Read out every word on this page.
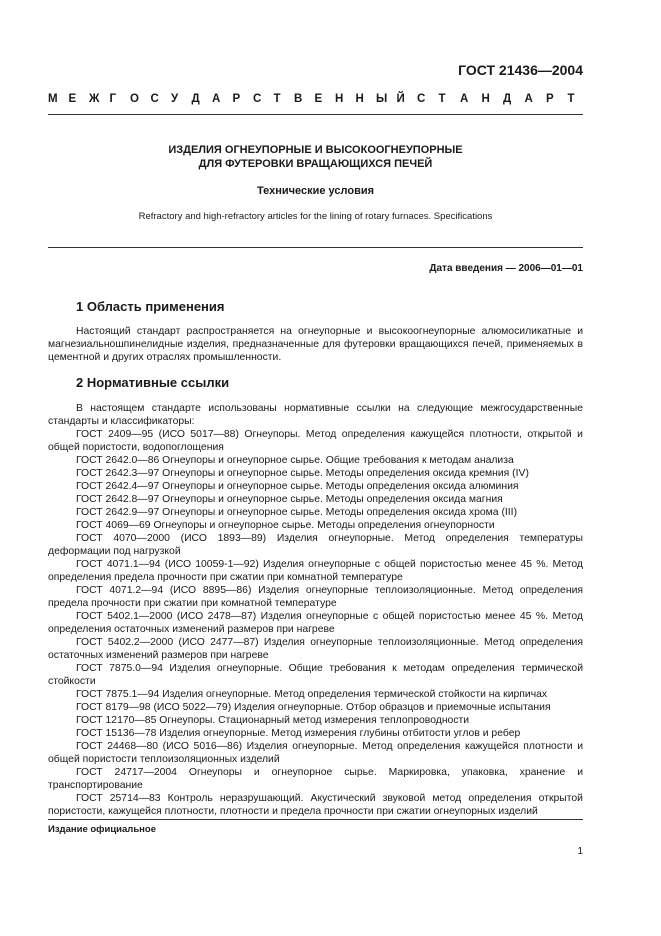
ГОСТ 21436—2004
М Е	Ж Г	О	С	У	Д	А	Р	С	Т	В	Е	Н	Н	Ы Й	С	Т	А	Н	Д	А	Р	Т
ИЗДЕЛИЯ ОГНЕУПОРНЫЕ И ВЫСОКООГНЕУПОРНЫЕ
ДЛЯ ФУТЕРОВКИ ВРАЩАЮЩИХСЯ ПЕЧЕЙ
Технические условия
Refractory and high-refractory articles for the lining of rotary furnaces. Specifications
Дата введения — 2006—01—01
1 Область применения

Настоящий стандарт распространяется на огнеупорные и высокоогнеупорные алюмосиликатные и магнезиальношпинелидные изделия, предназначенные для футеровки вращающихся печей, применяемых в цементной и других отраслях промышленности.

2 Нормативные ссылки

В настоящем стандарте использованы нормативные ссылки на следующие межгосударственные стандарты и классификаторы:

ГОСТ 2409—95 (ИСО 5017—88) Огнеупоры. Метод определения кажущейся плотности, открытой и общей пористости, водопоглощения

ГОСТ 2642.0—86 Огнеупоры и огнеупорное сырье. Общие требования к методам анализа

ГОСТ 2642.3—97 Огнеупоры и огнеупорное сырье. Методы определения оксида кремния (IV)

ГОСТ 2642.4—97 Огнеупоры и огнеупорное сырье. Методы определения оксида алюминия

ГОСТ 2642.8—97 Огнеупоры и огнеупорное сырье. Методы определения оксида магния

ГОСТ 2642.9—97 Огнеупоры и огнеупорное сырье. Методы определения оксида хрома (III)

ГОСТ 4069—69 Огнеупоры и огнеупорное сырье. Методы определения огнеупорности

ГОСТ 4070—2000 (ИСО 1893—89) Изделия огнеупорные. Метод определения температуры деформации под нагрузкой

ГОСТ 4071.1—94 (ИСО 10059-1—92) Изделия огнеупорные с общей пористостью менее 45 %. Метод определения предела прочности при сжатии при комнатной температуре

ГОСТ 4071.2—94 (ИСО 8895—86) Изделия огнеупорные теплоизоляционные. Метод определения предела прочности при сжатии при комнатной температуре

ГОСТ 5402.1—2000 (ИСО 2478—87) Изделия огнеупорные с общей пористостью менее 45 %. Метод определения остаточных изменений размеров при нагреве

ГОСТ 5402.2—2000 (ИСО 2477—87) Изделия огнеупорные теплоизоляционные. Метод определения остаточных изменений размеров при нагреве

ГОСТ 7875.0—94 Изделия огнеупорные. Общие требования к методам определения термической стойкости

ГОСТ 7875.1—94 Изделия огнеупорные. Метод определения термической стойкости на кирпичах

ГОСТ 8179—98 (ИСО 5022—79) Изделия огнеупорные. Отбор образцов и приемочные испытания

ГОСТ 12170—85 Огнеупоры. Стационарный метод измерения теплопроводности

ГОСТ 15136—78 Изделия огнеупорные. Метод измерения глубины отбитости углов и ребер

ГОСТ 24468—80 (ИСО 5016—86) Изделия огнеупорные. Метод определения кажущейся плотности и общей пористости теплоизоляционных изделий

ГОСТ 24717—2004 Огнеупоры и огнеупорное сырье. Маркировка, упаковка, хранение и транспортирование

ГОСТ 25714—83 Контроль неразрушающий. Акустический звуковой метод определения открытой пористости, кажущейся плотности, плотности и предела прочности при сжатии огнеупорных изделий

Издание официальное
1
